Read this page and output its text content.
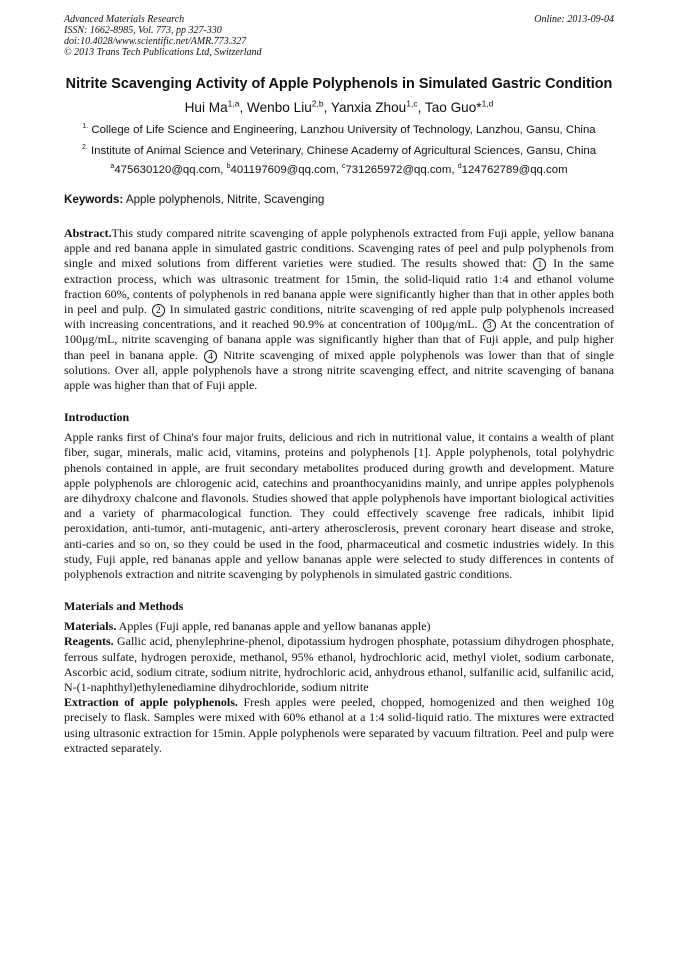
Advanced Materials Research
ISSN: 1662-8985, Vol. 773, pp 327-330
doi:10.4028/www.scientific.net/AMR.773.327
© 2013 Trans Tech Publications Ltd, Switzerland
Online: 2013-09-04
Nitrite Scavenging Activity of Apple Polyphenols in Simulated Gastric Condition
Hui Ma$^{1,a}$, Wenbo Liu$^{2,b}$, Yanxia Zhou$^{1,c}$, Tao Guo*$^{1,d}$
$^{1.}$ College of Life Science and Engineering, Lanzhou University of Technology, Lanzhou, Gansu, China
$^{2.}$ Institute of Animal Science and Veterinary, Chinese Academy of Agricultural Sciences, Gansu, China
$^a$475630120@qq.com, $^b$401197609@qq.com, $^c$731265972@qq.com, $^d$124762789@qq.com
Keywords: Apple polyphenols, Nitrite, Scavenging
Abstract.This study compared nitrite scavenging of apple polyphenols extracted from Fuji apple, yellow banana apple and red banana apple in simulated gastric conditions. Scavenging rates of peel and pulp polyphenols from single and mixed solutions from different varieties were studied. The results showed that: 1 In the same extraction process, which was ultrasonic treatment for 15min, the solid-liquid ratio 1:4 and ethanol volume fraction 60%, contents of polyphenols in red banana apple were significantly higher than that in other apples both in peel and pulp. 2 In simulated gastric conditions, nitrite scavenging of red apple pulp polyphenols increased with increasing concentrations, and it reached 90.9% at concentration of 100μg/mL. 3 At the concentration of 100μg/mL, nitrite scavenging of banana apple was significantly higher than that of Fuji apple, and pulp higher than peel in banana apple. 4 Nitrite scavenging of mixed apple polyphenols was lower than that of single solutions. Over all, apple polyphenols have a strong nitrite scavenging effect, and nitrite scavenging of banana apple was higher than that of Fuji apple.
Introduction
Apple ranks first of China's four major fruits, delicious and rich in nutritional value, it contains a wealth of plant fiber, sugar, minerals, malic acid, vitamins, proteins and polyphenols [1]. Apple polyphenols, total polyhydric phenols contained in apple, are fruit secondary metabolites produced during growth and development. Mature apple polyphenols are chlorogenic acid, catechins and proanthocyanidins mainly, and unripe apples polyphenols are dihydroxy chalcone and flavonols. Studies showed that apple polyphenols have important biological activities and a variety of pharmacological function. They could effectively scavenge free radicals, inhibit lipid peroxidation, anti-tumor, anti-mutagenic, anti-artery atherosclerosis, prevent coronary heart disease and stroke, anti-caries and so on, so they could be used in the food, pharmaceutical and cosmetic industries widely. In this study, Fuji apple, red bananas apple and yellow bananas apple were selected to study differences in contents of polyphenols extraction and nitrite scavenging by polyphenols in simulated gastric conditions.
Materials and Methods
Materials. Apples (Fuji apple, red bananas apple and yellow bananas apple)
Reagents. Gallic acid, phenylephrine-phenol, dipotassium hydrogen phosphate, potassium dihydrogen phosphate, ferrous sulfate, hydrogen peroxide, methanol, 95% ethanol, hydrochloric acid, methyl violet, sodium carbonate, Ascorbic acid, sodium citrate, sodium nitrite, hydrochloric acid, anhydrous ethanol, sulfanilic acid, sulfanilic acid, N-(1-naphthyl)ethylenediamine dihydrochloride, sodium nitrite
Extraction of apple polyphenols. Fresh apples were peeled, chopped, homogenized and then weighed 10g precisely to flask. Samples were mixed with 60% ethanol at a 1:4 solid-liquid ratio. The mixtures were extracted using ultrasonic extraction for 15min. Apple polyphenols were separated by vacuum filtration. Peel and pulp were extracted separately.
